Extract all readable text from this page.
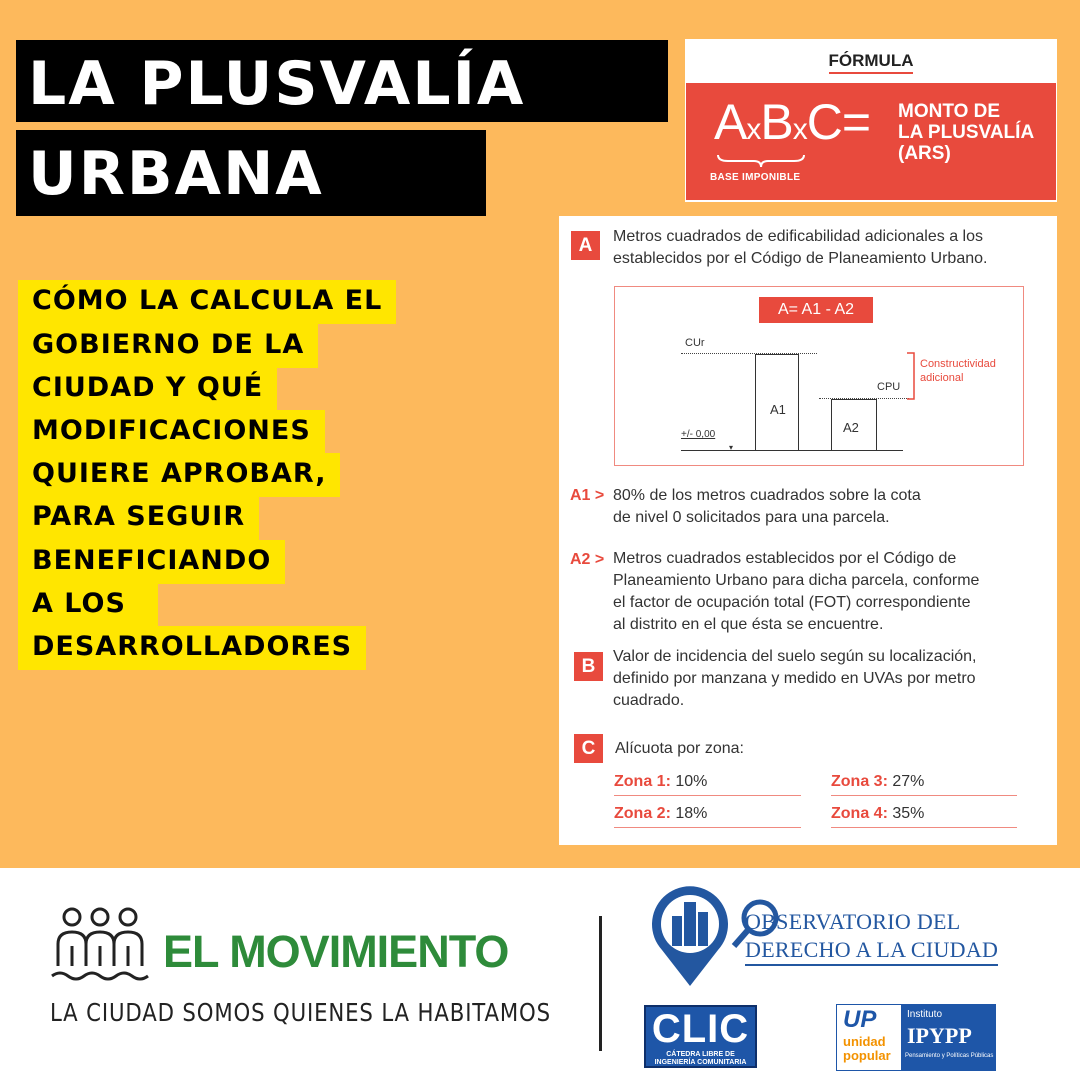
LA PLUSVALÍA
URBANA
CÓMO LA CALCULA EL
GOBIERNO DE LA
CIUDAD Y QUÉ
MODIFICACIONES
QUIERE APROBAR,
PARA SEGUIR
BENEFICIANDO
A LOS
DESARROLLADORES
FÓRMULA
AxBxC=
BASE IMPONIBLE
MONTO DE
LA PLUSVALÍA
(ARS)
A	Metros cuadrados de edificabilidad adicionales a los
establecidos por el Código de Planeamiento Urbano.
A= A1 - A2
CUr
A1
CPU
A2
+/- 0,00
▾
Constructividad
adicional
A1 > 80% de los metros cuadrados sobre la cota
de nivel 0 solicitados para una parcela.
A2 > Metros cuadrados establecidos por el Código de
Planeamiento Urbano para dicha parcela, conforme
el factor de ocupación total (FOT) correspondiente
al distrito en el que ésta se encuentre.
B	Valor de incidencia del suelo según su localización,
definido por manzana y medido en UVAs por metro
cuadrado.
C	Alícuota por zona:
Zona 1: 10%	Zona 3: 27%
Zona 2: 18%	Zona 4: 35%
EL MOVIMIENTO
LA CIUDAD SOMOS QUIENES LA HABITAMOS
OBSERVATORIO DEL
DERECHO A LA CIUDAD
CLIC
CÁTEDRA LIBRE DE
INGENIERÍA COMUNITARIA
UP
unidad
popular
Instituto
IPYPP
Pensamiento y Políticas Públicas
